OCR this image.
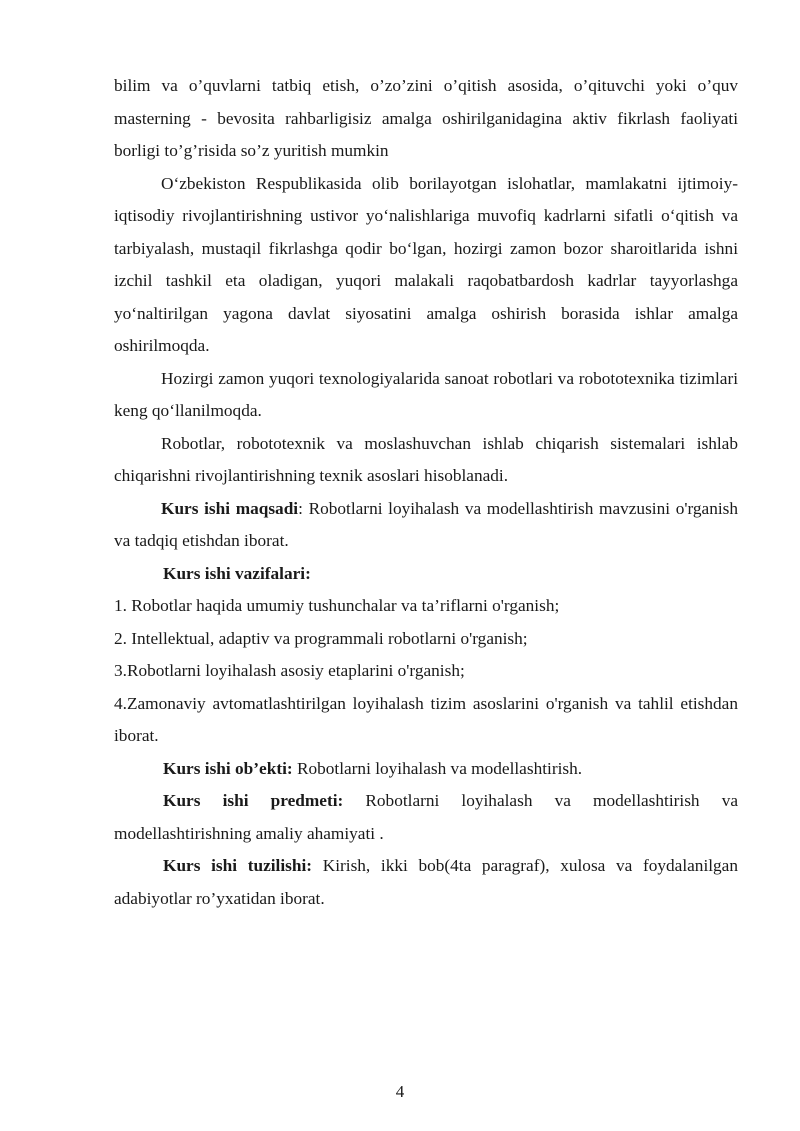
bilim va o’quvlarni tatbiq etish, o’zo’zini o’qitish asosida, o’qituvchi yoki o’quv masterning - bevosita rahbarligisiz amalga oshirilganidagina aktiv fikrlash faoliyati borligi to’g’risida so’z yuritish mumkin

O‘zbekiston Respublikasida olib borilayotgan islohatlar, mamlakatni ijtimoiy-iqtisodiy rivojlantirishning ustivor yo‘nalishlariga muvofiq kadrlarni sifatli o‘qitish va tarbiyalash, mustaqil fikrlashga qodir bo‘lgan, hozirgi zamon bozor sharoitlarida ishni izchil tashkil eta oladigan, yuqori malakali raqobatbardosh kadrlar tayyorlashga yo‘naltirilgan yagona davlat siyosatini amalga oshirish borasida ishlar amalga oshirilmoqda.

Hozirgi zamon yuqori texnologiyalarida sanoat robotlari va robototexnika tizimlari keng qo‘llanilmoqda.

Robotlar, robototexnik va moslashuvchan ishlab chiqarish sistemalari ishlab chiqarishni rivojlantirishning texnik asoslari hisoblanadi.

Kurs ishi maqsadi: Robotlarni loyihalash va modellashtirish mavzusini o'rganish va tadqiq etishdan iborat.

Kurs ishi vazifalari:

1. Robotlar haqida umumiy tushunchalar va ta’riflarni o'rganish;

2. Intellektual, adaptiv va programmali robotlarni o'rganish;

3.Robotlarni loyihalash asosiy etaplarini o'rganish;

4.Zamonaviy avtomatlashtirilgan loyihalash tizim asoslarini o'rganish va tahlil etishdan iborat.

Kurs ishi ob’ekti: Robotlarni loyihalash va modellashtirish.

Kurs ishi predmeti: Robotlarni loyihalash va modellashtirish va modellashtirishning amaliy ahamiyati .

Kurs ishi tuzilishi: Kirish, ikki bob(4ta paragraf), xulosa va foydalanilgan adabiyotlar ro’yxatidan iborat.

4
